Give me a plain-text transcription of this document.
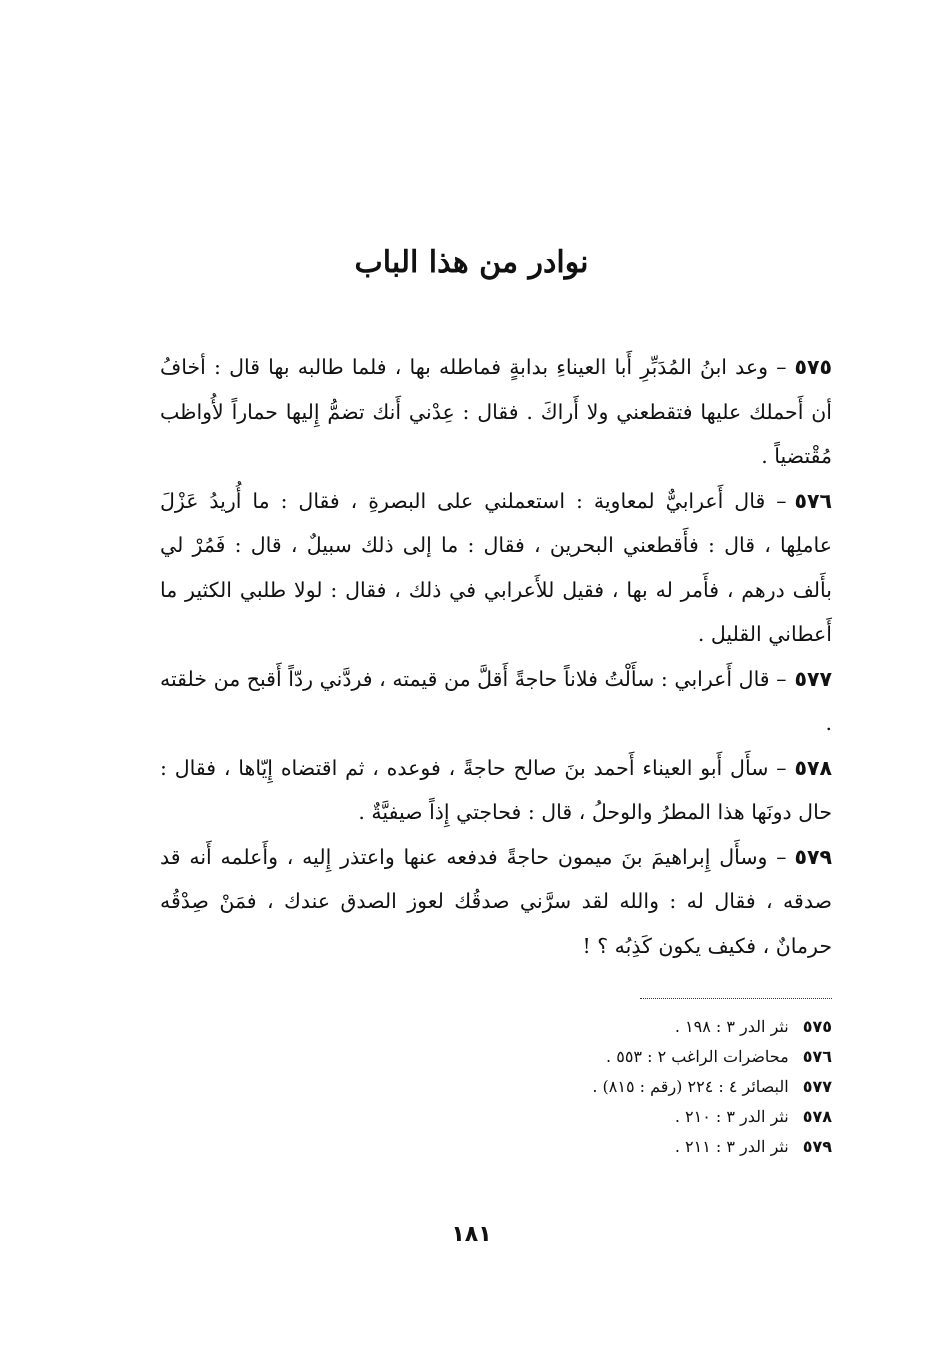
نوادر من هذا الباب

٥٧٥– وعد ابنُ المُدَبِّرِ أَبا العيناءِ بدابةٍ فماطله بها ، فلما طالبه بها قال : أخافُ أن أَحملك عليها فتقطعني ولا أَراكَ . فقال : عِدْني أَنك تضمُّ إِليها حماراً لأُواظب مُقْتضياً .

٥٧٦– قال أَعرابيٌّ لمعاوية : استعملني على البصرةِ ، فقال : ما أُريدُ عَزْلَ عاملِها ، قال : فأَقطعني البحرين ، فقال : ما إلى ذلك سبيلٌ ، قال : فَمُرْ لي بأَلف درهم ، فأَمر له بها ، فقيل للأَعرابي في ذلك ، فقال : لولا طلبي الكثير ما أَعطاني القليل .

٥٧٧– قال أَعرابي : سأَلْتُ فلاناً حاجةً أَقلَّ من قيمته ، فردَّني ردّاً أَقبح من خلقته .

٥٧٨– سأَل أَبو العيناء أَحمد بنَ صالح حاجةً ، فوعده ، ثم اقتضاه إِيّاها ، فقال : حال دونَها هذا المطرُ والوحلُ ، قال : فحاجتي إِذاً صيفيَّةٌ .

٥٧٩– وسأَل إِبراهيمَ بنَ ميمون حاجةً فدفعه عنها واعتذر إِليه ، وأَعلمه أَنه قد صدقه ، فقال له : والله لقد سرَّني صدقُك لعوز الصدق عندك ، فمَنْ صِدْقُه حرمانٌ ، فكيف يكون كَذِبُه ؟ !

٥٧٥نثر الدر ٣ : ١٩٨ .
٥٧٦محاضرات الراغب ٢ : ٥٥٣ .
٥٧٧البصائر ٤ : ٢٢٤ (رقم : ٨١٥) .
٥٧٨نثر الدر ٣ : ٢١٠ .
٥٧٩نثر الدر ٣ : ٢١١ .
١٨١
